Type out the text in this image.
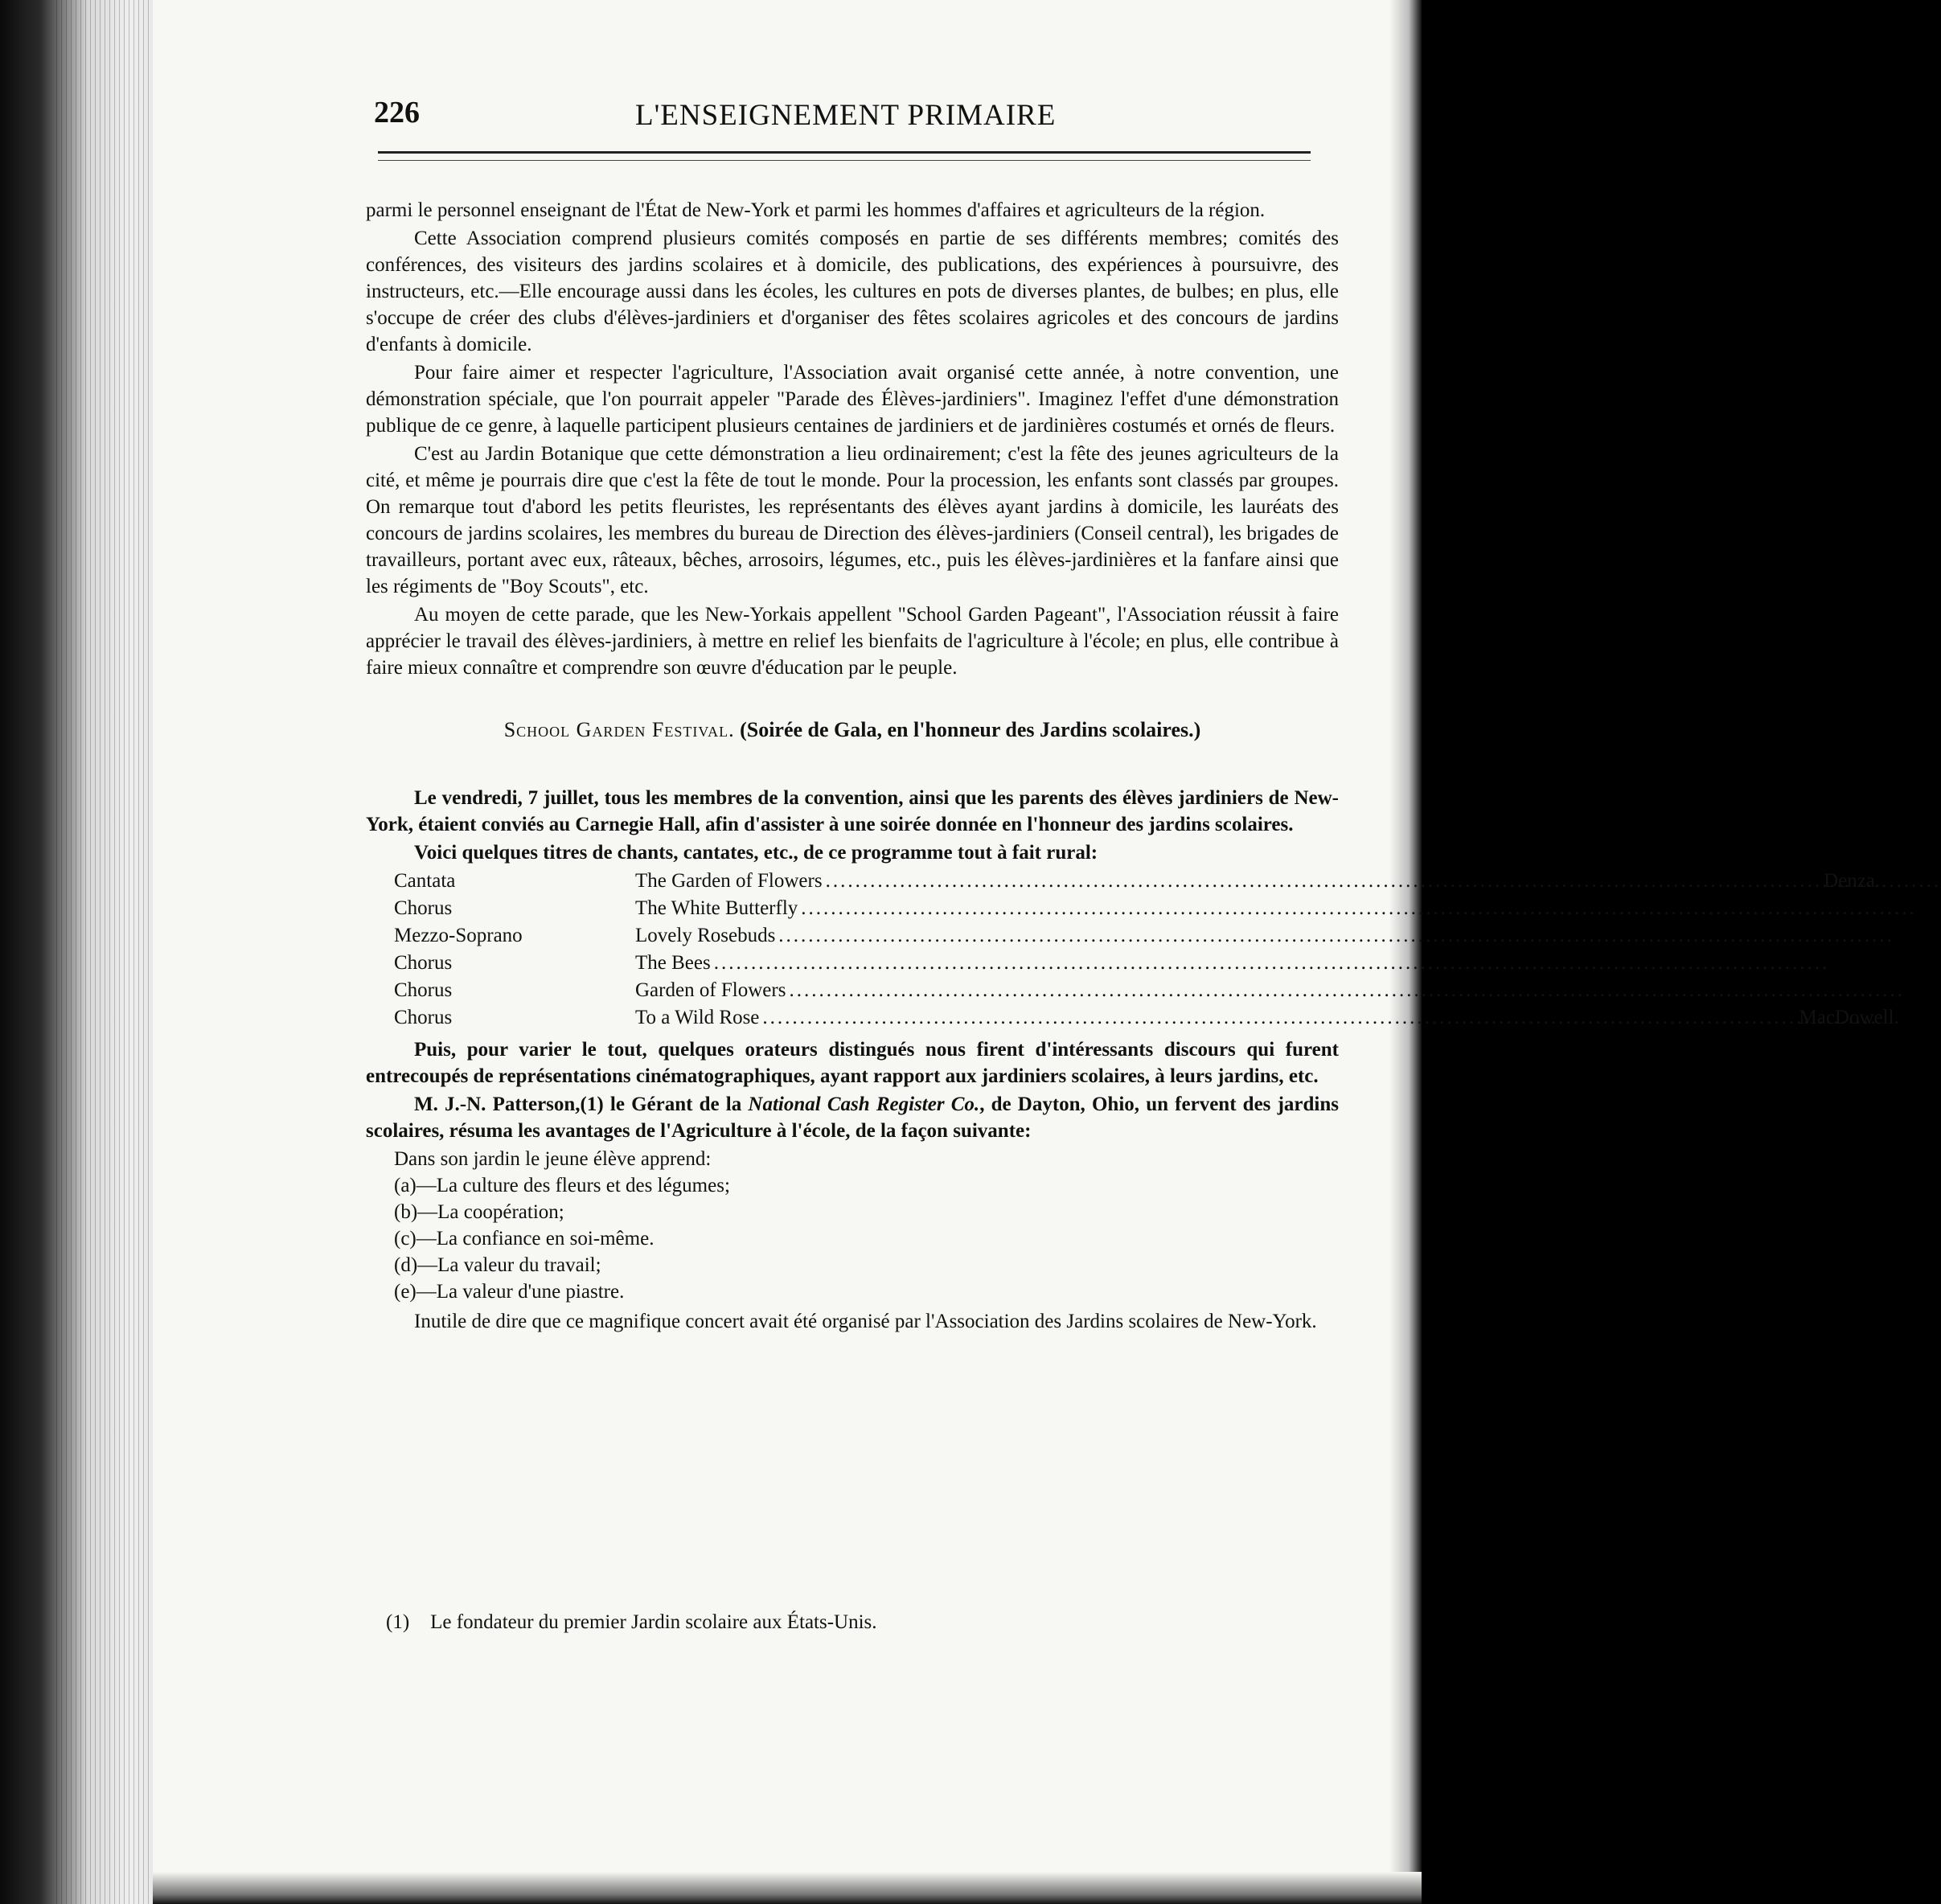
226	L'ENSEIGNEMENT PRIMAIRE

parmi le personnel enseignant de l'État de New-York et parmi les hommes d'affaires et agriculteurs de la région.

Cette Association comprend plusieurs comités composés en partie de ses différents membres; comités des conférences, des visiteurs des jardins scolaires et à domicile, des publications, des expériences à poursuivre, des instructeurs, etc.—Elle encourage aussi dans les écoles, les cultures en pots de diverses plantes, de bulbes; en plus, elle s'occupe de créer des clubs d'élèves-jardiniers et d'organiser des fêtes scolaires agricoles et des concours de jardins d'enfants à domicile.

Pour faire aimer et respecter l'agriculture, l'Association avait organisé cette année, à notre convention, une démonstration spéciale, que l'on pourrait appeler "Parade des Élèves-jardiniers". Imaginez l'effet d'une démonstration publique de ce genre, à laquelle participent plusieurs centaines de jardiniers et de jardinières costumés et ornés de fleurs.

C'est au Jardin Botanique que cette démonstration a lieu ordinairement; c'est la fête des jeunes agriculteurs de la cité, et même je pourrais dire que c'est la fête de tout le monde. Pour la procession, les enfants sont classés par groupes. On remarque tout d'abord les petits fleuristes, les représentants des élèves ayant jardins à domicile, les lauréats des concours de jardins scolaires, les membres du bureau de Direction des élèves-jardiniers (Conseil central), les brigades de travailleurs, portant avec eux, râteaux, bêches, arrosoirs, légumes, etc., puis les élèves-jardinières et la fanfare ainsi que les régiments de "Boy Scouts", etc.

Au moyen de cette parade, que les New-Yorkais appellent "School Garden Pageant", l'Association réussit à faire apprécier le travail des élèves-jardiniers, à mettre en relief les bienfaits de l'agriculture à l'école; en plus, elle contribue à faire mieux connaître et comprendre son œuvre d'éducation par le peuple.

School Garden Festival. (Soirée de Gala, en l'honneur des Jardins scolaires.)

Le vendredi, 7 juillet, tous les membres de la convention, ainsi que les parents des élèves jardiniers de New-York, étaient conviés au Carnegie Hall, afin d'assister à une soirée donnée en l'honneur des jardins scolaires.

Voici quelques titres de chants, cantates, etc., de ce programme tout à fait rural:

Cantata	The Garden of Flowers .....	Denza.
Chorus	The White Butterfly
.....
Mezzo-Soprano	Lovely Rosebuds
.....
Chorus	The Bees
.....
Chorus	Garden of Flowers
.....
Chorus	To a Wild Rose .....	MacDowell.

Puis, pour varier le tout, quelques orateurs distingués nous firent d'intéressants discours qui furent entrecoupés de représentations cinématographiques, ayant rapport aux jardiniers scolaires, à leurs jardins, etc.

M. J.-N. Patterson,(1) le Gérant de la National Cash Register Co., de Dayton, Ohio, un fervent des jardins scolaires, résuma les avantages de l'Agriculture à l'école, de la façon suivante:

Dans son jardin le jeune élève apprend:
(a)—La culture des fleurs et des légumes;
(b)—La coopération;
(c)—La confiance en soi-même.
(d)—La valeur du travail;
(e)—La valeur d'une piastre.

Inutile de dire que ce magnifique concert avait été organisé par l'Association des Jardins scolaires de New-York.

(1) Le fondateur du premier Jardin scolaire aux États-Unis.
